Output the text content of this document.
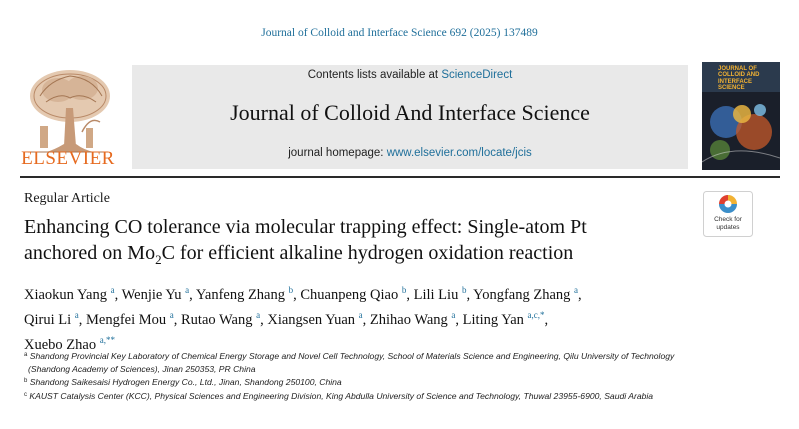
Journal of Colloid and Interface Science 692 (2025) 137489
ELSEVIER
Contents lists available at ScienceDirect
Journal of Colloid And Interface Science
journal homepage: www.elsevier.com/locate/jcis
JOURNAL OF COLLOID AND INTERFACE SCIENCE
Regular Article
Enhancing CO tolerance via molecular trapping effect: Single-atom Pt
anchored on $Mo_2C$ for efficient alkaline hydrogen oxidation reaction
Check for
updates
Xiaokun Yang $^a$, Wenjie Yu $^a$, Yanfeng Zhang $^b$, Chuanpeng Qiao $^b$, Lili Liu $^b$, Yongfang Zhang $^a$,
Qirui Li $^a$, Mengfei Mou $^a$, Rutao Wang $^a$, Xiangsen Yuan $^a$, Zhihao Wang $^a$, Liting Yan $^{a,c,*}$,
Xuebo Zhao $^{a,**}$
$^a$ Shandong Provincial Key Laboratory of Chemical Energy Storage and Novel Cell Technology, School of Materials Science and Engineering, Qilu University of Technology
(Shandong Academy of Sciences), Jinan 250353, PR China
$^b$ Shandong Saikesaisi Hydrogen Energy Co., Ltd., Jinan, Shandong 250100, China
$^c$ KAUST Catalysis Center (KCC), Physical Sciences and Engineering Division, King Abdulla University of Science and Technology, Thuwal 23955-6900, Saudi Arabia
